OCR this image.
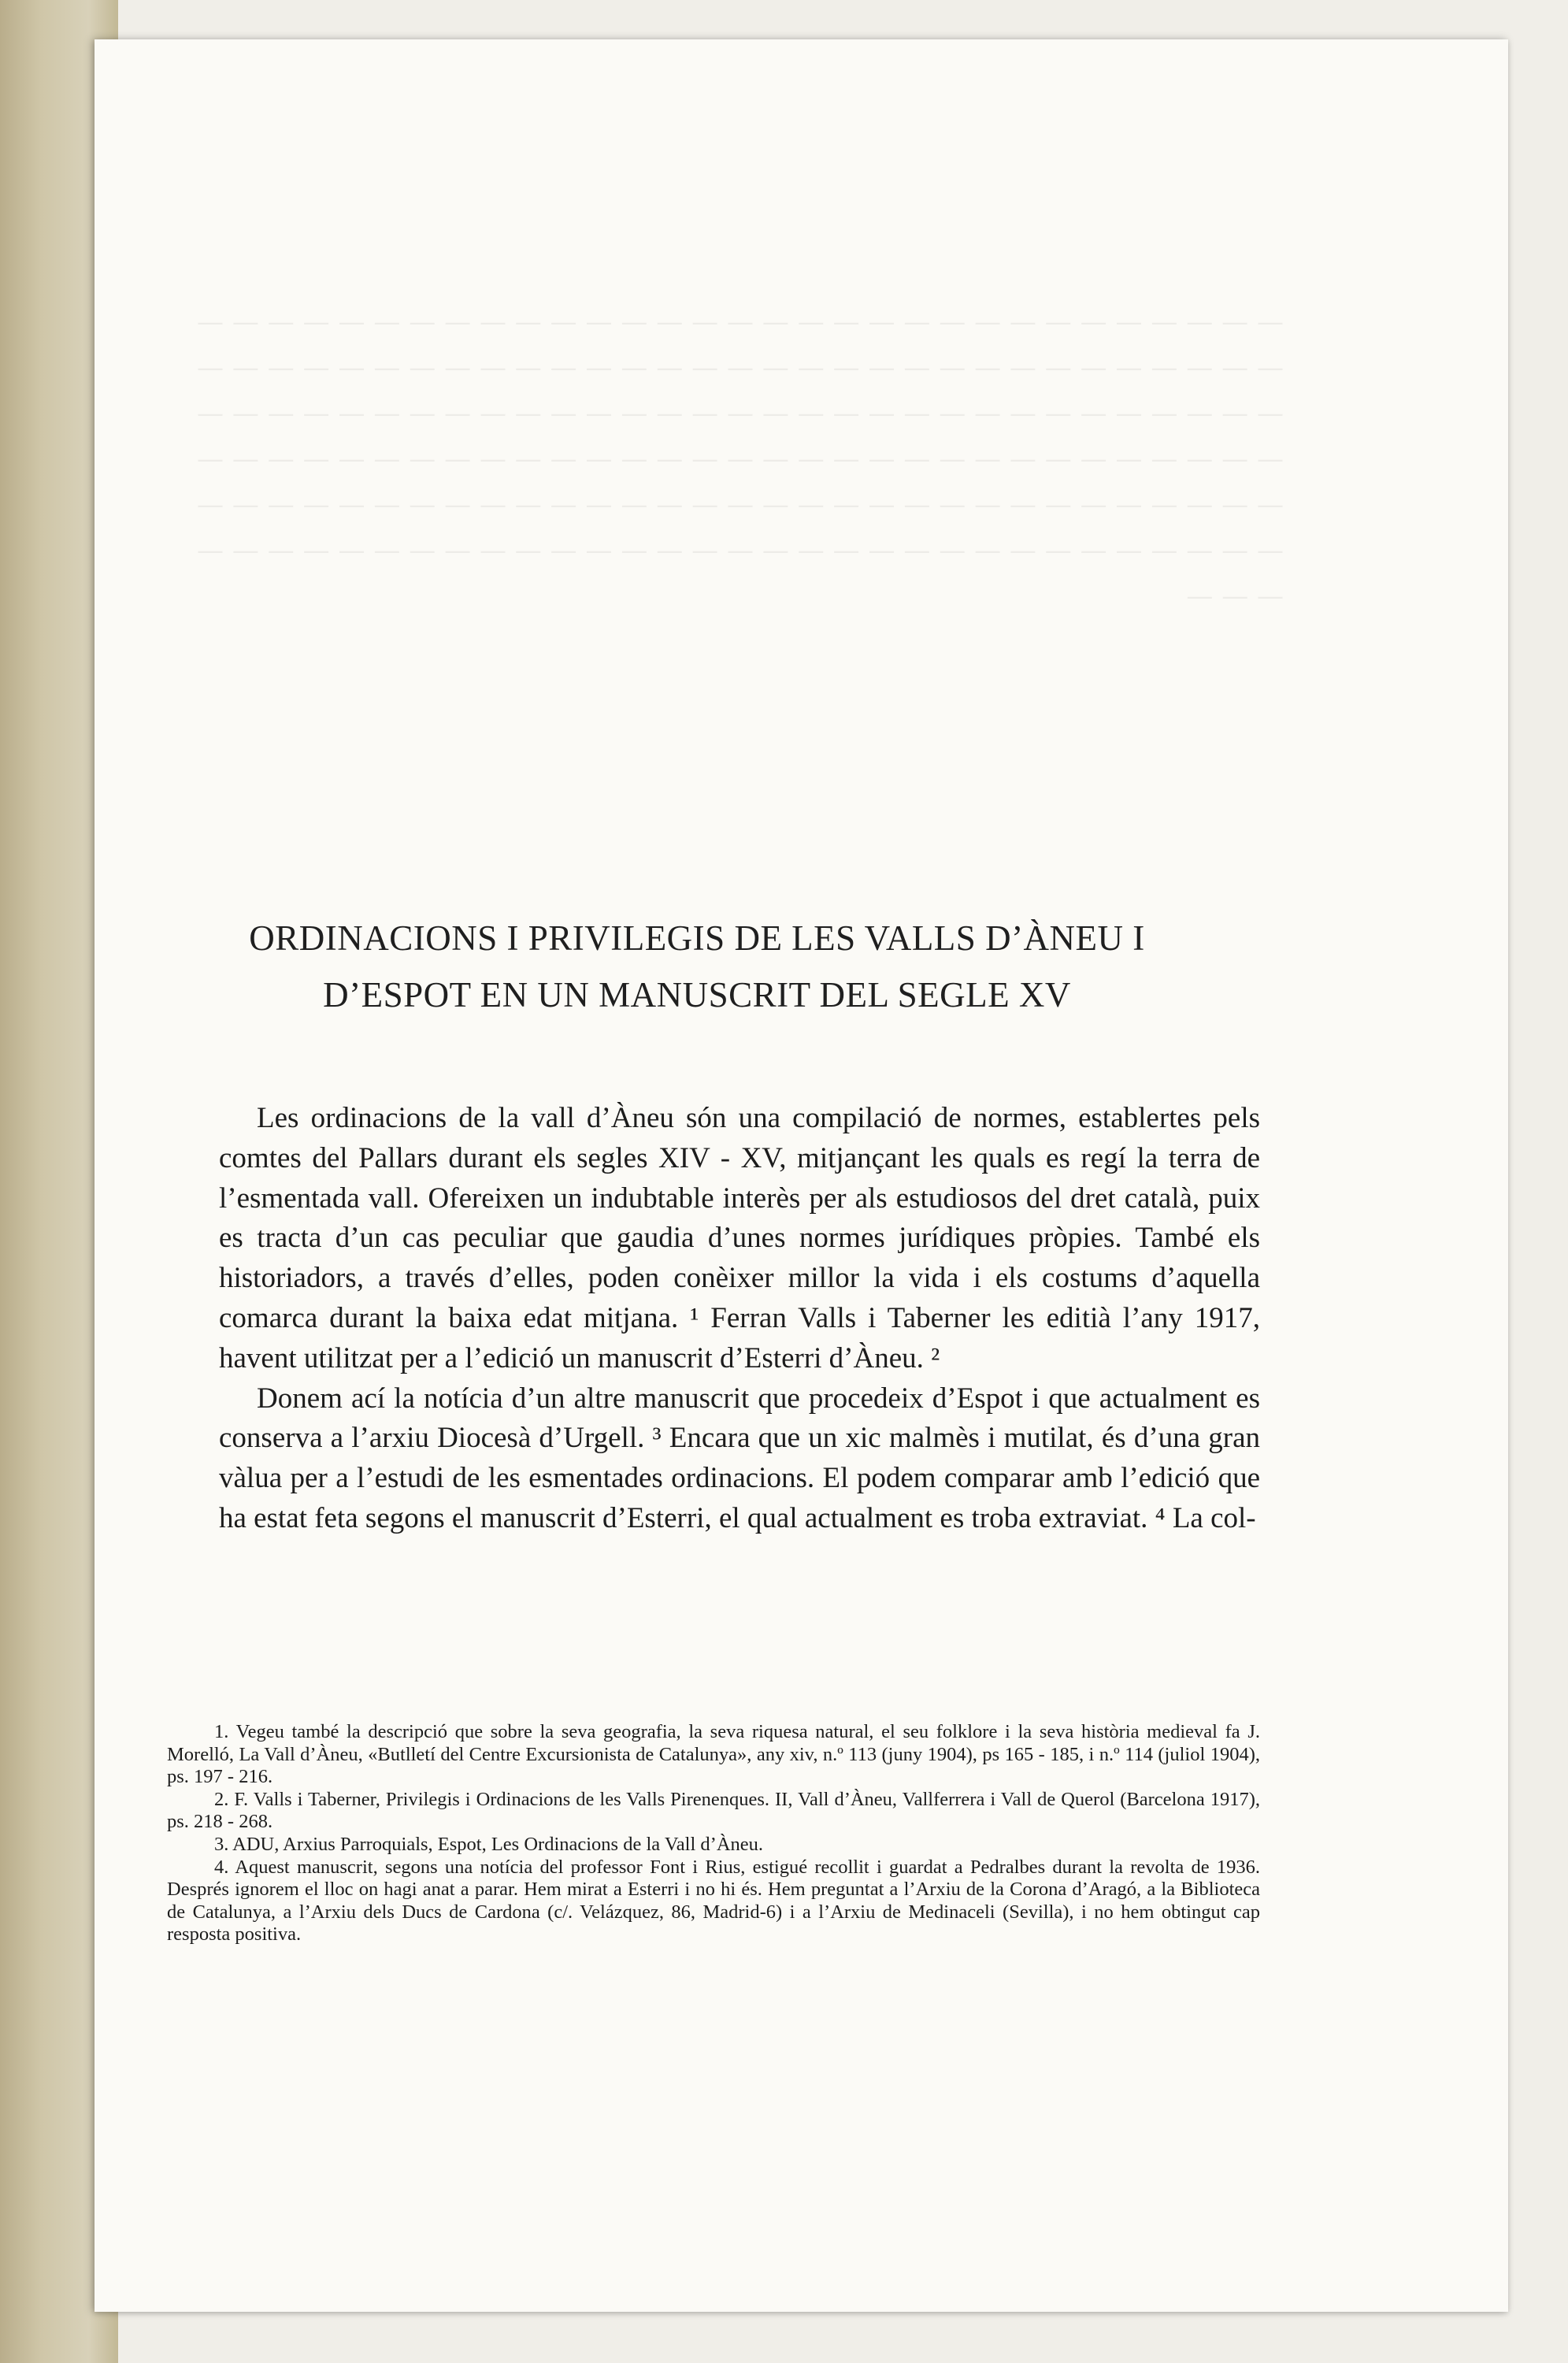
ORDINACIONS I PRIVILEGIS DE LES VALLS D’ÀNEU I D’ESPOT EN UN MANUSCRIT DEL SEGLE XV

Les ordinacions de la vall d’Àneu són una compilació de normes, establertes pels comtes del Pallars durant els segles XIV - XV, mitjançant les quals es regí la terra de l’esmentada vall. Ofereixen un indubtable interès per als estudiosos del dret català, puix es tracta d’un cas peculiar que gaudia d’unes normes jurídiques pròpies. També els historiadors, a través d’elles, poden conèixer millor la vida i els costums d’aquella comarca durant la baixa edat mitjana. ¹ Ferran Valls i Taberner les editià l’any 1917, havent utilitzat per a l’edició un manuscrit d’Esterri d’Àneu. ²

Donem ací la notícia d’un altre manuscrit que procedeix d’Espot i que actualment es conserva a l’arxiu Diocesà d’Urgell. ³ Encara que un xic malmès i mutilat, és d’una gran vàlua per a l’estudi de les esmentades ordinacions. El podem comparar amb l’edició que ha estat feta segons el manuscrit d’Esterri, el qual actualment es troba extraviat. ⁴ La col-

1. Vegeu també la descripció que sobre la seva geografia, la seva riquesa natural, el seu folklore i la seva història medieval fa J. Morelló, La Vall d’Àneu, «Butlletí del Centre Excursionista de Catalunya», any xiv, n.º 113 (juny 1904), ps 165 - 185, i n.º 114 (juliol 1904), ps. 197 - 216.

2. F. Valls i Taberner, Privilegis i Ordinacions de les Valls Pirenenques. II, Vall d’Àneu, Vallferrera i Vall de Querol (Barcelona 1917), ps. 218 - 268.

3. ADU, Arxius Parroquials, Espot, Les Ordinacions de la Vall d’Àneu.

4. Aquest manuscrit, segons una notícia del professor Font i Rius, estigué recollit i guardat a Pedralbes durant la revolta de 1936. Després ignorem el lloc on hagi anat a parar. Hem mirat a Esterri i no hi és. Hem preguntat a l’Arxiu de la Corona d’Aragó, a la Biblioteca de Catalunya, a l’Arxiu dels Ducs de Cardona (c/. Velázquez, 86, Madrid-6) i a l’Arxiu de Medinaceli (Sevilla), i no hem obtingut cap resposta positiva.
